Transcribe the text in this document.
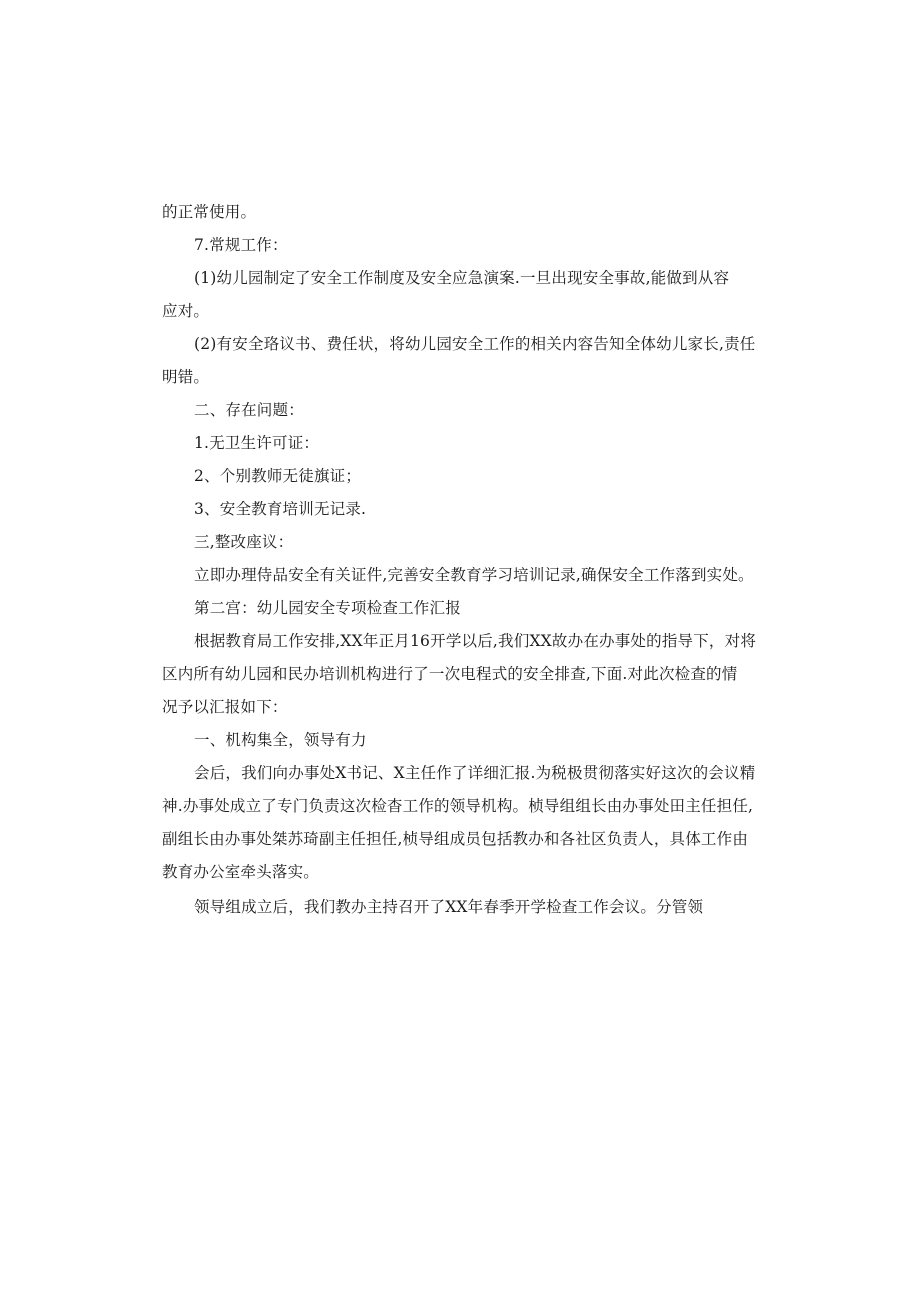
的正常使用。
7.常规工作：
(1)幼儿园制定了安全工作制度及安全应急演案.一旦出现安全事故,能做到从容
应对。
(2)有安全珞议书、费任状，将幼儿园安全工作的相关内容告知全体幼儿家长,责任
明错。
二、存在问题：
1.无卫生许可证：
2、个别教师无徒旗证；
3、安全教育培训无记录.
三,整改座议：
立即办理侍品安全有关证件,完善安全教育学习培训记录,确保安全工作落到实处。
第二宫：幼儿园安全专项检查工作汇报
根据教育局工作安排,XX年正月16开学以后,我们XX故办在办事处的指导下，对将
区内所有幼儿园和民办培训机构进行了一次电程式的安全排查,下面.对此次检查的情
况予以汇报如下：
一、机构集全，领导有力
会后，我们向办事处X书记、X主任作了详细汇报.为税极贯彻落实好这次的会议精
神.办事处成立了专门负责这次检杳工作的领导机构。桢导组组长由办事处田主任担任,
副组长由办事处桀苏琦副主任担任,桢导组成员包括教办和各社区负责人，具体工作由
教育办公室牵头落实。
领导组成立后，我们教办主持召开了XX年春季开学检查工作会议。分管领
